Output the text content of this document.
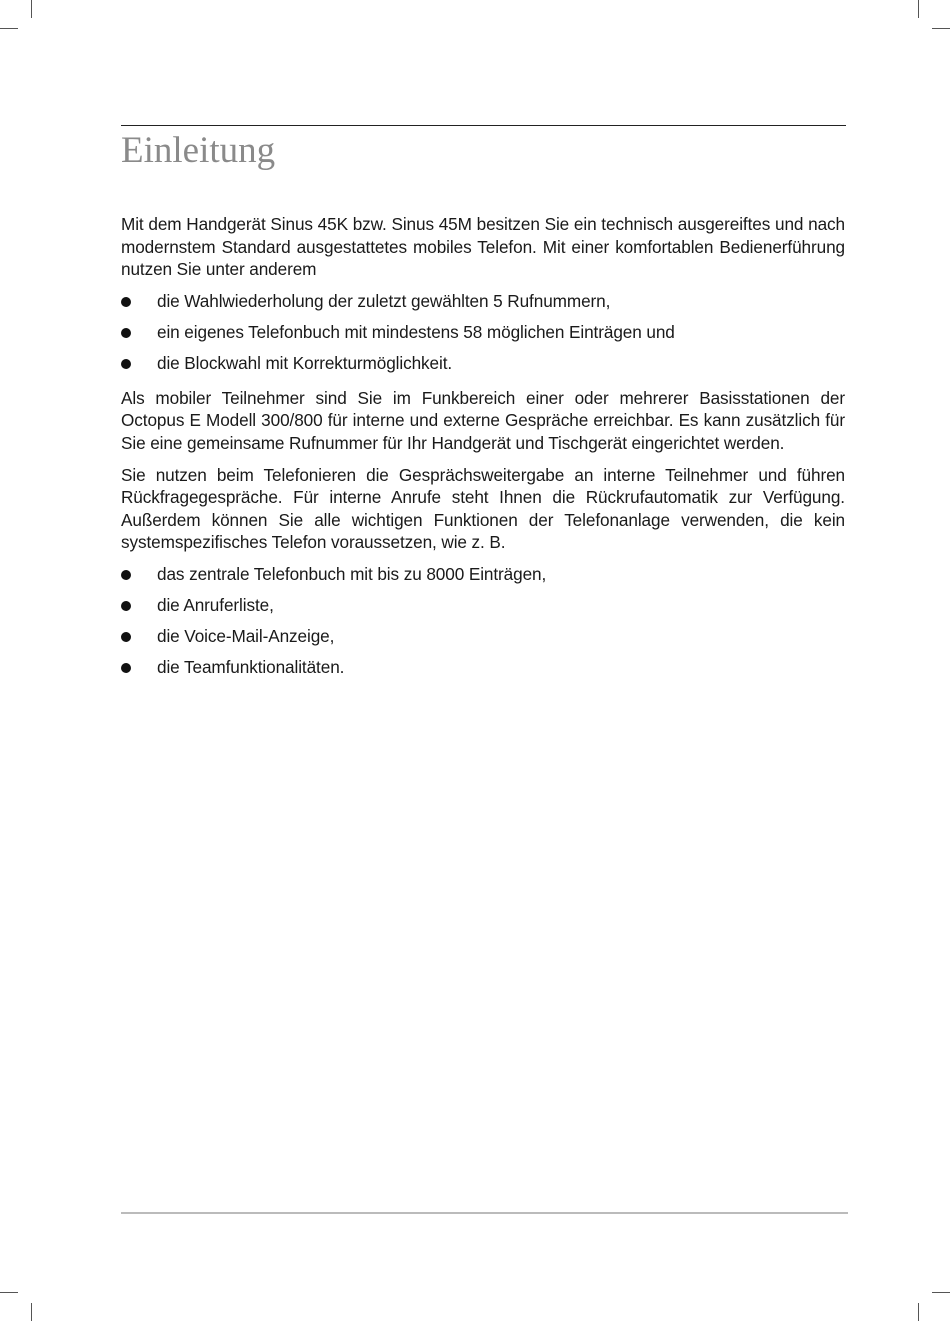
Einleitung

Mit dem Handgerät Sinus 45K bzw. Sinus 45M besitzen Sie ein technisch ausgereiftes und nach modernstem Standard ausgestattetes mobiles Telefon. Mit einer komfortablen Bedienerführung nutzen Sie unter anderem

die Wahlwiederholung der zuletzt gewählten 5 Rufnummern,
ein eigenes Telefonbuch mit mindestens 58 möglichen Einträgen und
die Blockwahl mit Korrekturmöglichkeit.

Als mobiler Teilnehmer sind Sie im Funkbereich einer oder mehrerer Basisstationen der Octopus E Modell 300/800 für interne und externe Gespräche erreichbar. Es kann zusätzlich für Sie eine gemeinsame Rufnummer für Ihr Handgerät und Tischgerät eingerichtet werden.

Sie nutzen beim Telefonieren die Gesprächsweitergabe an interne Teilnehmer und führen Rückfragegespräche. Für interne Anrufe steht Ihnen die Rückrufautomatik zur Verfügung. Außerdem können Sie alle wichtigen Funktionen der Telefonanlage verwenden, die kein systemspezifisches Telefon voraussetzen, wie z. B.

das zentrale Telefonbuch mit bis zu 8000 Einträgen,
die Anruferliste,
die Voice-Mail-Anzeige,
die Teamfunktionalitäten.
